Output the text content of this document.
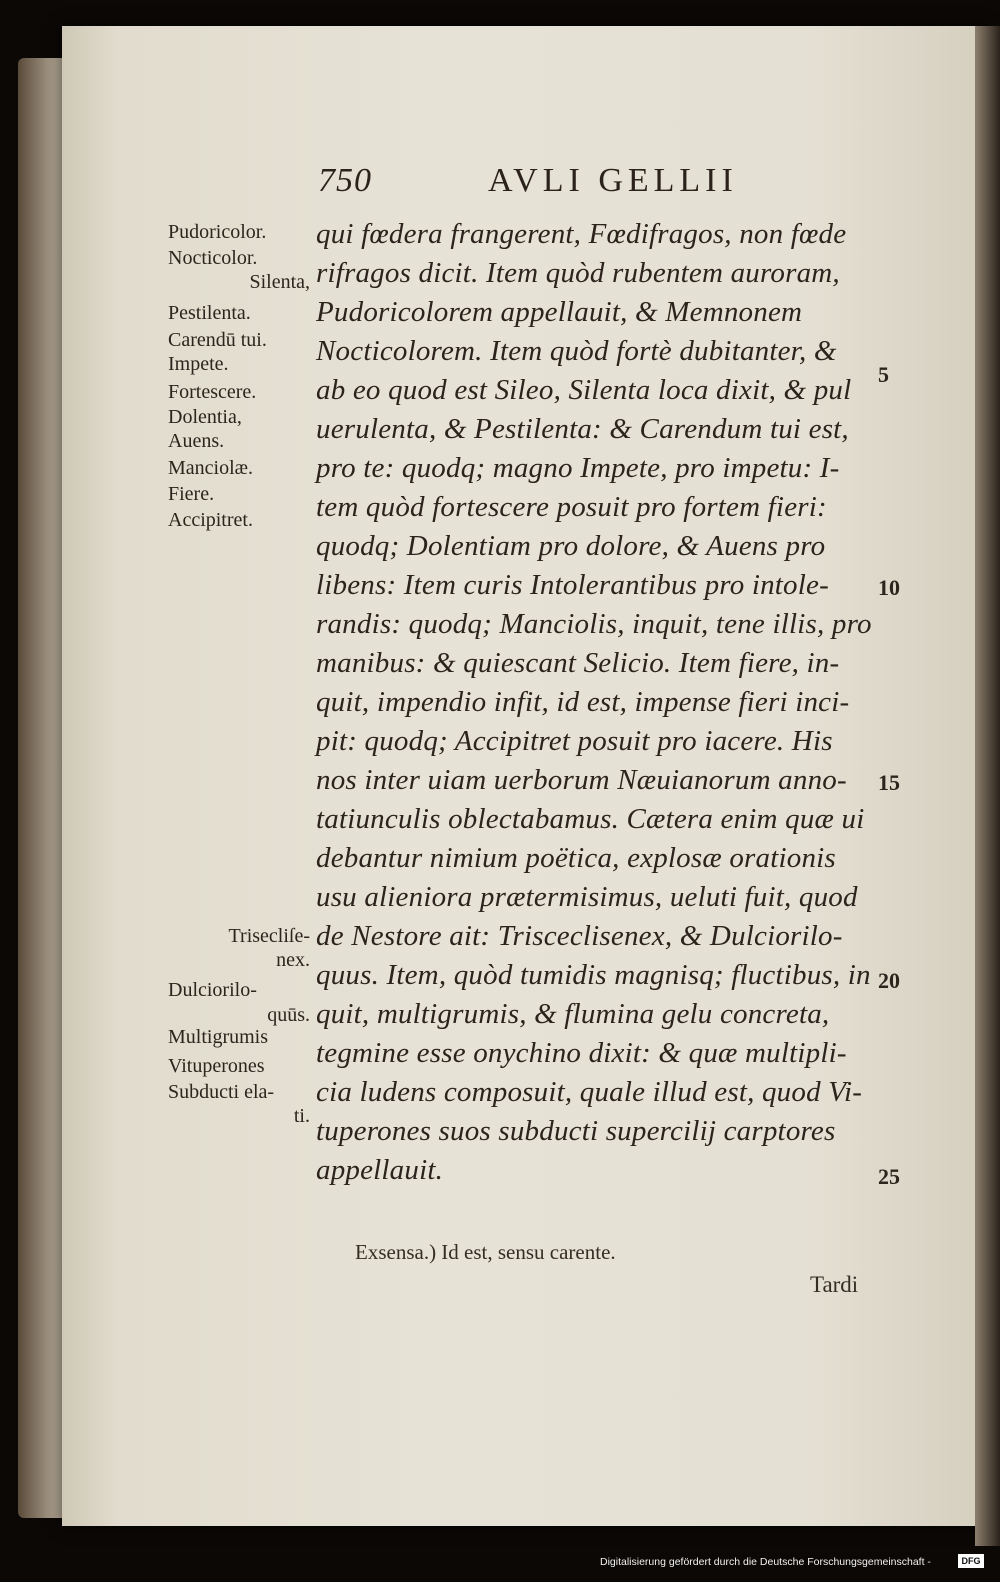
750	AVLI GELLII
Pudoricolor.
Nocticolor.
Silenta,
Pestilenta.
Carendū tui.
Impete.
Fortescere.
Dolentia,
Auens.
Manciolæ.
Fiere.
Accipitret.
Trisecliſe-
nex.
Dulciorilo-
quūs.
Multigrumis
Vituperones
Subducti ela-
ti.
qui fœdera frangerent, Fœdifragos, non fœde
rifragos dicit. Item quòd rubentem auroram,
Pudoricolorem appellauit, & Memnonem
Nocticolorem. Item quòd fortè dubitanter, &
ab eo quod est Sileo, Silenta loca dixit, & pul
uerulenta, & Pestilenta: & Carendum tui est,
pro te: quodq; magno Impete, pro impetu: I-
tem quòd fortescere posuit pro fortem fieri:
quodq; Dolentiam pro dolore, & Auens pro
libens: Item curis Intolerantibus pro intole-
randis: quodq; Manciolis, inquit, tene illis, pro
manibus: & quiescant Selicio. Item fiere, in-
quit, impendio infit, id est, impense fieri inci-
pit: quodq; Accipitret posuit pro iacere. His
nos inter uiam uerborum Næuianorum anno-
tatiunculis oblectabamus. Cætera enim quæ ui
debantur nimium poëtica, explosæ orationis
usu alieniora prætermisimus, ueluti fuit, quod
de Nestore ait: Trisceclisenex, & Dulciorilo-
quus. Item, quòd tumidis magnisq; fluctibus, in
quit, multigrumis, & flumina gelu concreta,
tegmine esse onychino dixit: & quæ multipli-
cia ludens composuit, quale illud est, quod Vi-
tuperones suos subducti supercilij carptores
appellauit.
5
10
15
20
25
Exsensa.) Id est, sensu carente.
Tardi
Digitalisierung gefördert durch die Deutsche Forschungsgemeinschaft -	DFG
